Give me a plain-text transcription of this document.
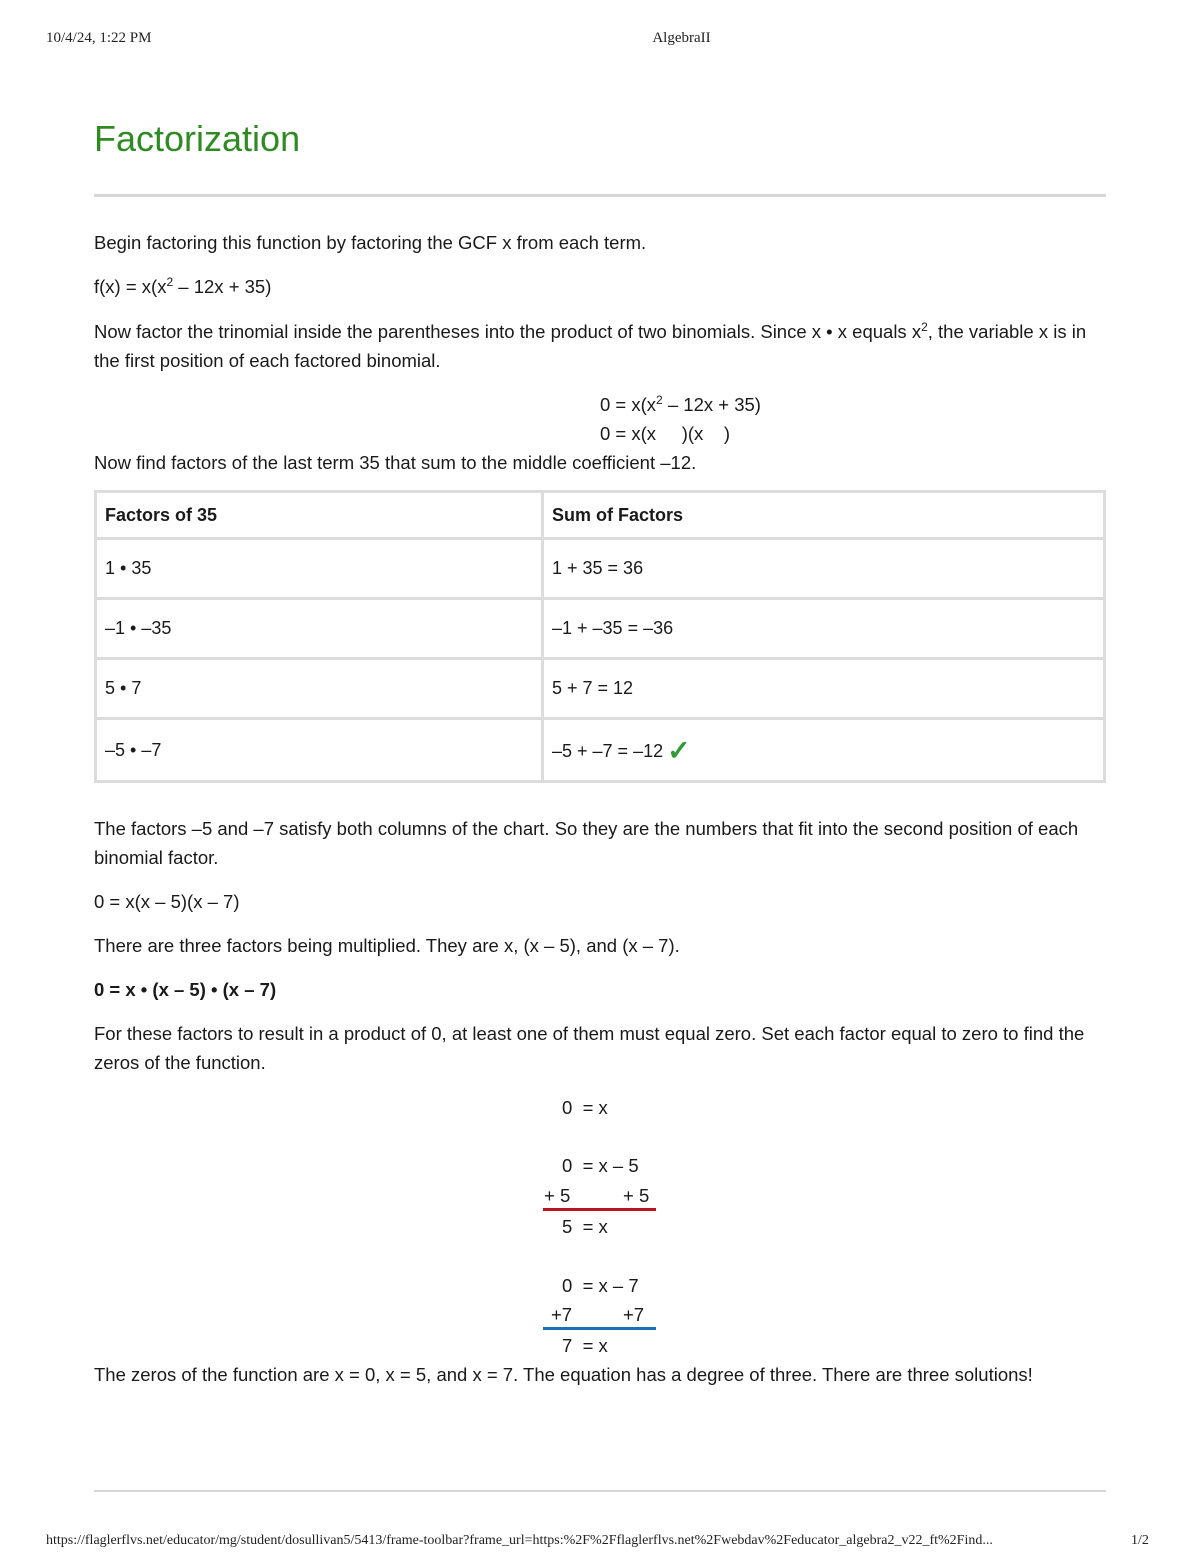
10/4/24, 1:22 PM	AlgebraII
Factorization

Begin factoring this function by factoring the GCF x from each term.

$f(x) = x(x^2 - 12x + 35)$

Now factor the trinomial inside the parentheses into the product of two binomials. Since x • x equals $x^2$, the variable x is in the first position of each factored binomial.

$0 = x(x^2 - 12x + 35)$
0 = x(x     )(x    )

Now find factors of the last term 35 that sum to the middle coefficient –12.

Factors of 35	Sum of Factors
1 • 35	1 + 35 = 36
–1 • –35	–1 + –35 = –36
5 • 7	5 + 7 = 12
–5 • –7	–5 + –7 = –12 ✓

The factors –5 and –7 satisfy both columns of the chart. So they are the numbers that fit into the second position of each binomial factor.

0 = x(x – 5)(x – 7)

There are three factors being multiplied. They are x, (x – 5), and (x – 7).

0 = x • (x – 5) • (x – 7)

For these factors to result in a product of 0, at least one of them must equal zero. Set each factor equal to zero to find the zeros of the function.

0  = x
0  = x – 5
+ 5	+ 5
5  = x
0  = x – 7
+7	+7
7  = x

The zeros of the function are x = 0, x = 5, and x = 7. The equation has a degree of three. There are three solutions!

https://flaglerflvs.net/educator/mg/student/dosullivan5/5413/frame-toolbar?frame_url=https:%2F%2Fflaglerflvs.net%2Fwebdav%2Feducator_algebra2_v22_ft%2Find...	1/2
